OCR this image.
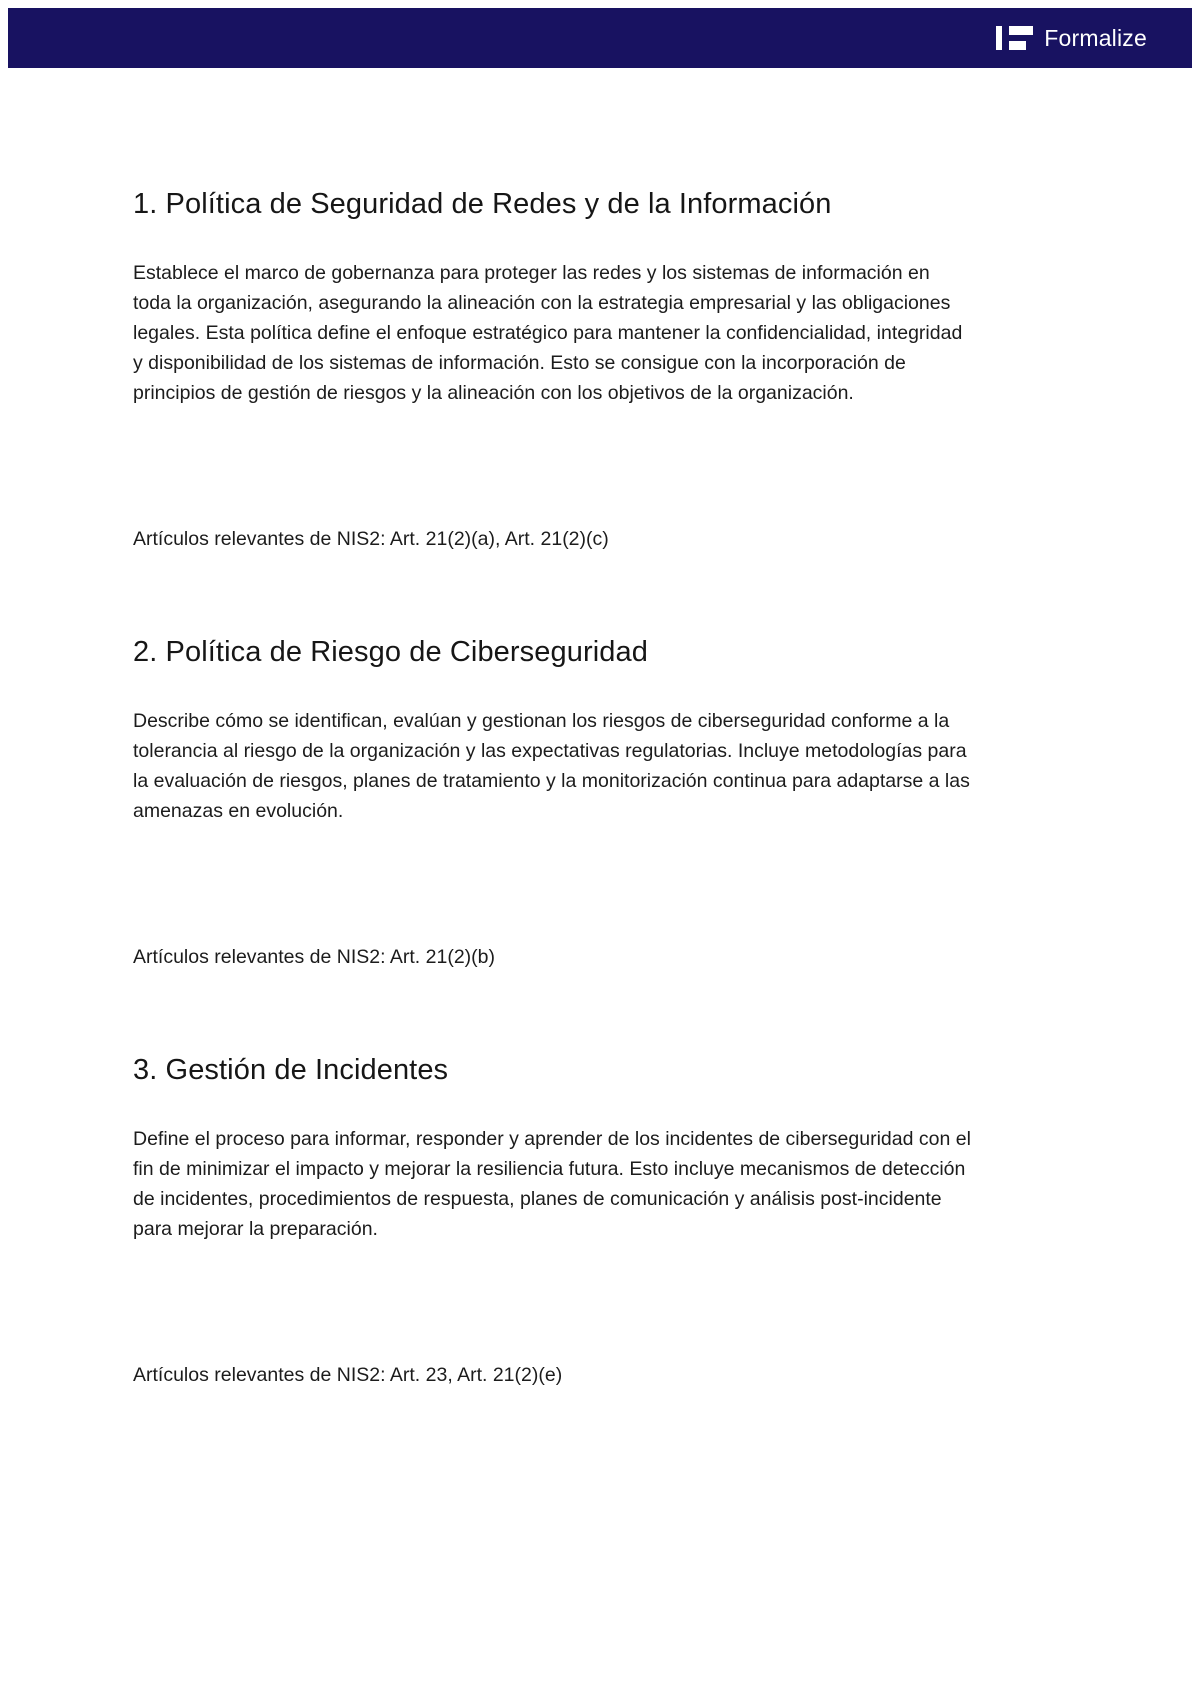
Formalize
1. Política de Seguridad de Redes y de la Información

Establece el marco de gobernanza para proteger las redes y los sistemas de información en toda la organización, asegurando la alineación con la estrategia empresarial y las obligaciones legales. Esta política define el enfoque estratégico para mantener la confidencialidad, integridad y disponibilidad de los sistemas de información. Esto se consigue con la incorporación de principios de gestión de riesgos y la alineación con los objetivos de la organización.

Artículos relevantes de NIS2: Art. 21(2)(a), Art. 21(2)(c)

2. Política de Riesgo de Ciberseguridad

Describe cómo se identifican, evalúan y gestionan los riesgos de ciberseguridad conforme a la tolerancia al riesgo de la organización y las expectativas regulatorias. Incluye metodologías para la evaluación de riesgos, planes de tratamiento y la monitorización continua para adaptarse a las amenazas en evolución.

Artículos relevantes de NIS2: Art. 21(2)(b)

3. Gestión de Incidentes

Define el proceso para informar, responder y aprender de los incidentes de ciberseguridad con el fin de minimizar el impacto y mejorar la resiliencia futura. Esto incluye mecanismos de detección de incidentes, procedimientos de respuesta, planes de comunicación y análisis post-incidente para mejorar la preparación.

Artículos relevantes de NIS2: Art. 23, Art. 21(2)(e)
